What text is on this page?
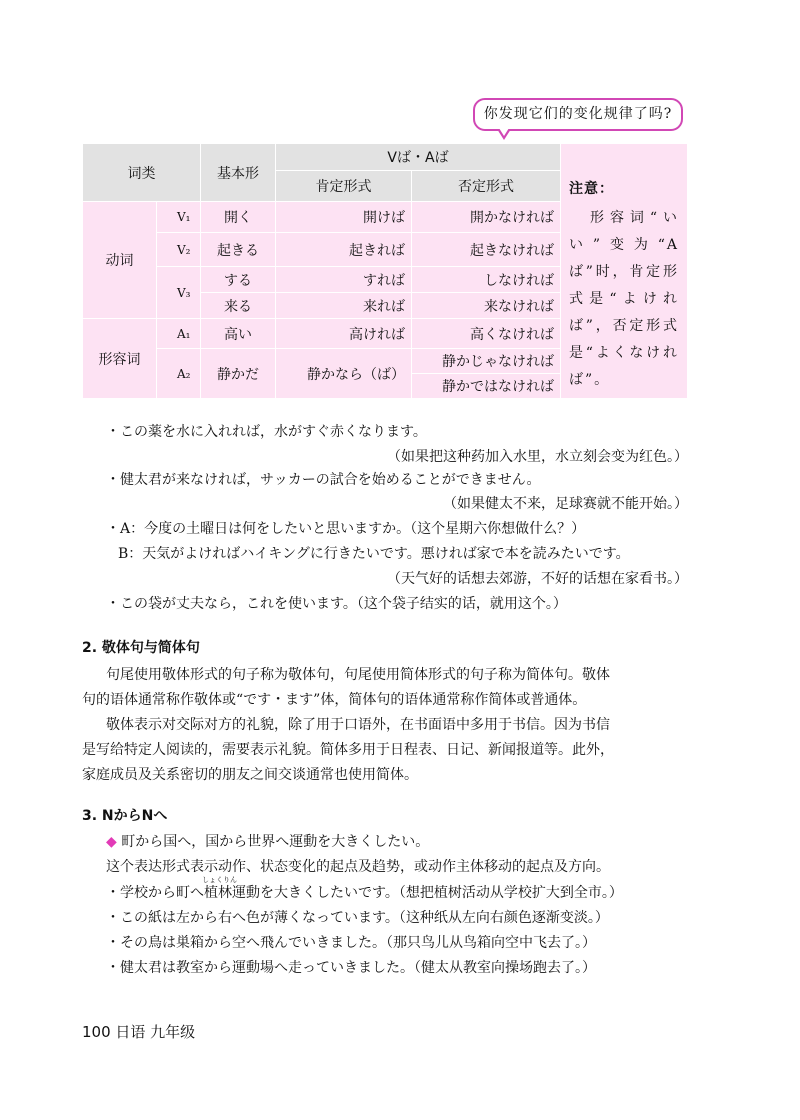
你发现它们的变化规律了吗?
词类		基本形	Vば・Aば		注意：
形容词“いい”变为“Aば”时，肯定形式是“よければ”，否定形式是“よくなければ”。

			肯定形式	否定形式	
动词	V₁	開く	開けば	開かなければ	
	V₂	起きる	起きれば	起きなければ	
	V₃	する	すれば	しなければ	
		来る	来れば	来なければ	
形容词	A₁	高い	高ければ	高くなければ	
	A₂	静かだ	静かなら（ば）	静かじゃなければ	
				静かではなければ	
・この薬を水に入れれば，水がすぐ赤くなります。
（如果把这种药加入水里，水立刻会变为红色。）
・健太君が来なければ，サッカーの試合を始めることができません。
（如果健太不来，足球赛就不能开始。）
・A：今度の土曜日は何をしたいと思いますか。（这个星期六你想做什么？）
B：天気がよければハイキングに行きたいです。悪ければ家で本を読みたいです。
（天气好的话想去郊游，不好的话想在家看书。）
・この袋が丈夫なら，これを使います。（这个袋子结实的话，就用这个。）
2. 敬体句与简体句
句尾使用敬体形式的句子称为敬体句，句尾使用简体形式的句子称为简体句。敬体
句的语体通常称作敬体或“です・ます”体，简体句的语体通常称作简体或普通体。
敬体表示对交际对方的礼貌，除了用于口语外，在书面语中多用于书信。因为书信
是写给特定人阅读的，需要表示礼貌。简体多用于日程表、日记、新闻报道等。此外，
家庭成员及关系密切的朋友之间交谈通常也使用简体。
3. NからNへ
◆ 町から国へ，国から世界へ運動を大きくしたい。
这个表达形式表示动作、状态变化的起点及趋势，或动作主体移动的起点及方向。
しょくりん
・学校から町へ植林運動を大きくしたいです。（想把植树活动从学校扩大到全市。）
・この紙は左から右へ色が薄くなっています。（这种纸从左向右颜色逐渐变淡。）
・その鳥は巣箱から空へ飛んでいきました。（那只鸟儿从鸟箱向空中飞去了。）
・健太君は教室から運動場へ走っていきました。（健太从教室向操场跑去了。）
100 日语 九年级
